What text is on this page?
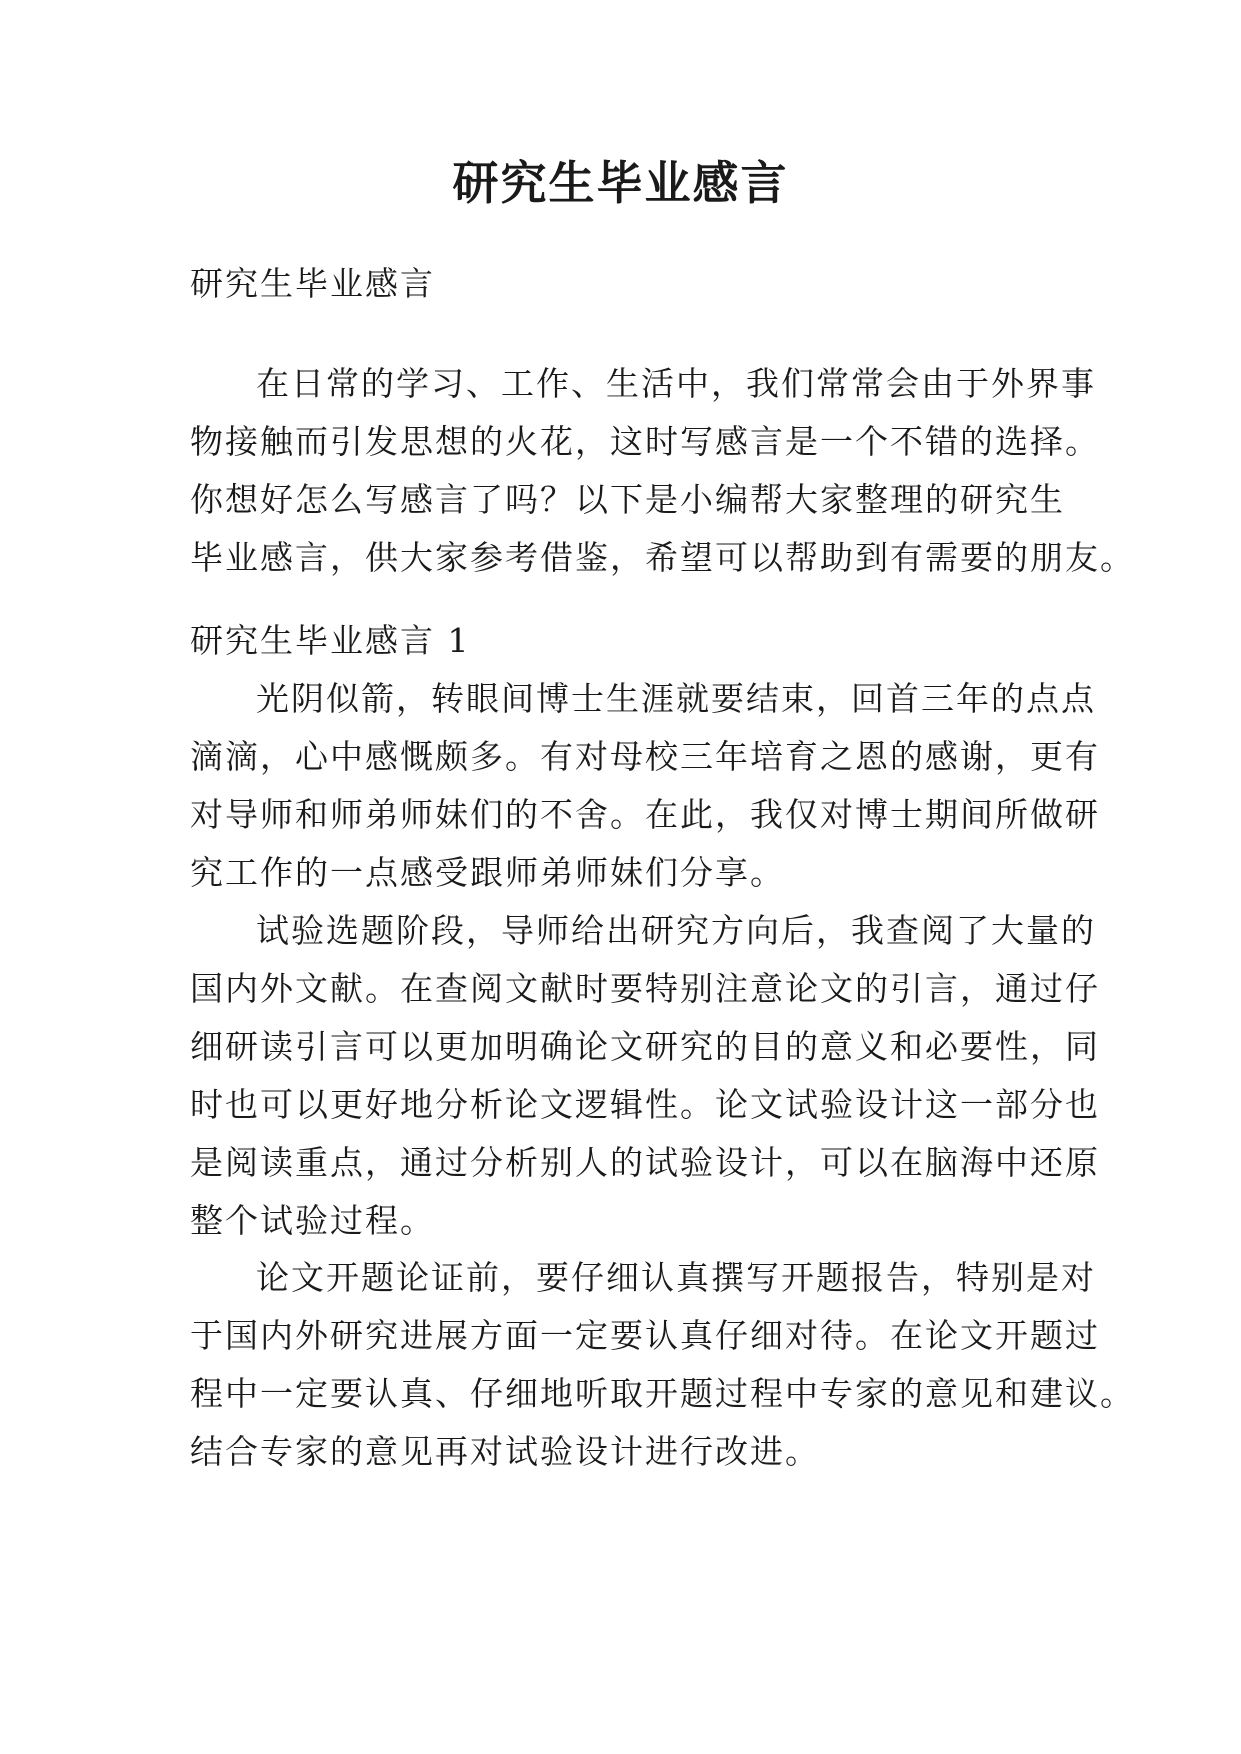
研究生毕业感言
研究生毕业感言
在日常的学习、工作、生活中，我们常常会由于外界事
物接触而引发思想的火花，这时写感言是一个不错的选择。
你想好怎么写感言了吗？以下是小编帮大家整理的研究生
毕业感言，供大家参考借鉴，希望可以帮助到有需要的朋友。
研究生毕业感言 1
光阴似箭，转眼间博士生涯就要结束，回首三年的点点
滴滴，心中感慨颇多。有对母校三年培育之恩的感谢，更有
对导师和师弟师妹们的不舍。在此，我仅对博士期间所做研
究工作的一点感受跟师弟师妹们分享。
试验选题阶段，导师给出研究方向后，我查阅了大量的
国内外文献。在查阅文献时要特别注意论文的引言，通过仔
细研读引言可以更加明确论文研究的目的意义和必要性，同
时也可以更好地分析论文逻辑性。论文试验设计这一部分也
是阅读重点，通过分析别人的试验设计，可以在脑海中还原
整个试验过程。
论文开题论证前，要仔细认真撰写开题报告，特别是对
于国内外研究进展方面一定要认真仔细对待。在论文开题过
程中一定要认真、仔细地听取开题过程中专家的意见和建议。
结合专家的意见再对试验设计进行改进。
